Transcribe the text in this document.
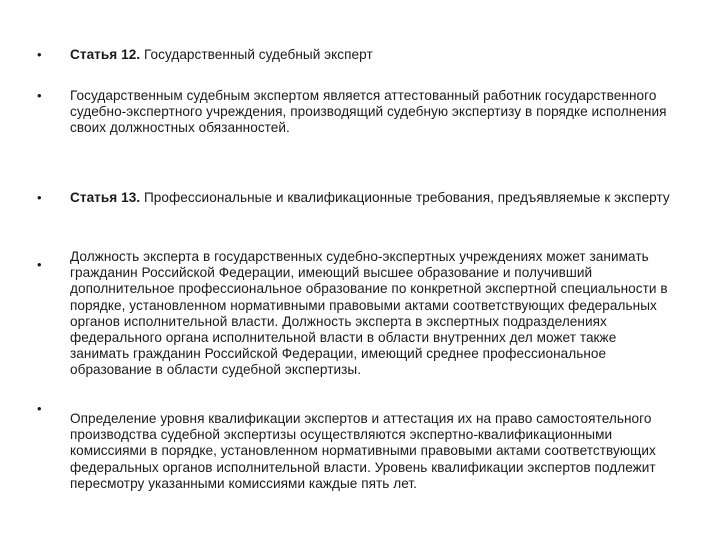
• Статья 12. Государственный судебный эксперт
• Государственным судебным экспертом является аттестованный работник государственного судебно-экспертного учреждения, производящий судебную экспертизу в порядке исполнения своих должностных обязанностей.
• Статья 13. Профессиональные и квалификационные требования, предъявляемые к эксперту
•
Должность эксперта в государственных судебно-экспертных учреждениях может занимать гражданин Российской Федерации, имеющий высшее образование и получивший дополнительное профессиональное образование по конкретной экспертной специальности в порядке, установленном нормативными правовыми актами соответствующих федеральных органов исполнительной власти. Должность эксперта в экспертных подразделениях федерального органа исполнительной власти в области внутренних дел может также занимать гражданин Российской Федерации, имеющий среднее профессиональное образование в области судебной экспертизы.
•
Определение уровня квалификации экспертов и аттестация их на право самостоятельного производства судебной экспертизы осуществляются экспертно-квалификационными комиссиями в порядке, установленном нормативными правовыми актами соответствующих федеральных органов исполнительной власти. Уровень квалификации экспертов подлежит пересмотру указанными комиссиями каждые пять лет.
